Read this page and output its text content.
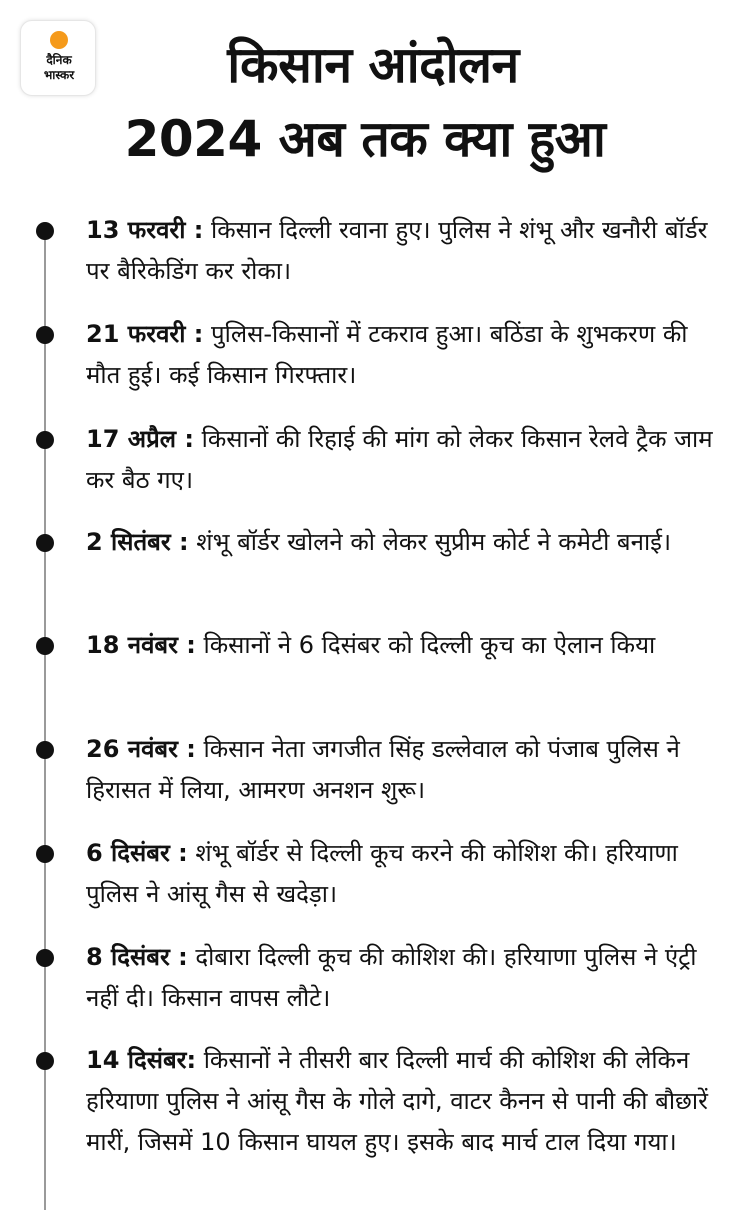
दैनिक
भास्कर	किसान आंदोलन
2024 अब तक क्या हुआ

13 फरवरी : किसान दिल्ली रवाना हुए। पुलिस ने शंभू और खनौरी बॉर्डर पर बैरिकेडिंग कर रोका।

21 फरवरी : पुलिस-किसानों में टकराव हुआ। बठिंडा के शुभकरण की मौत हुई। कई किसान गिरफ्तार।

17 अप्रैल : किसानों की रिहाई की मांग को लेकर किसान रेलवे ट्रैक जाम कर बैठ गए।

2 सितंबर : शंभू बॉर्डर खोलने को लेकर सुप्रीम कोर्ट ने कमेटी बनाई।

18 नवंबर : किसानों ने 6 दिसंबर को दिल्ली कूच का ऐलान किया

26 नवंबर : किसान नेता जगजीत सिंह डल्लेवाल को पंजाब पुलिस ने हिरासत में लिया, आमरण अनशन शुरू।

6 दिसंबर : शंभू बॉर्डर से दिल्ली कूच करने की कोशिश की। हरियाणा पुलिस ने आंसू गैस से खदेड़ा।

8 दिसंबर : दोबारा दिल्ली कूच की कोशिश की। हरियाणा पुलिस ने एंट्री नहीं दी। किसान वापस लौटे।

14 दिसंबर: किसानों ने तीसरी बार दिल्ली मार्च की कोशिश की लेकिन हरियाणा पुलिस ने आंसू गैस के गोले दागे, वाटर कैनन से पानी की बौछारें मारीं, जिसमें 10 किसान घायल हुए। इसके बाद मार्च टाल दिया गया।
